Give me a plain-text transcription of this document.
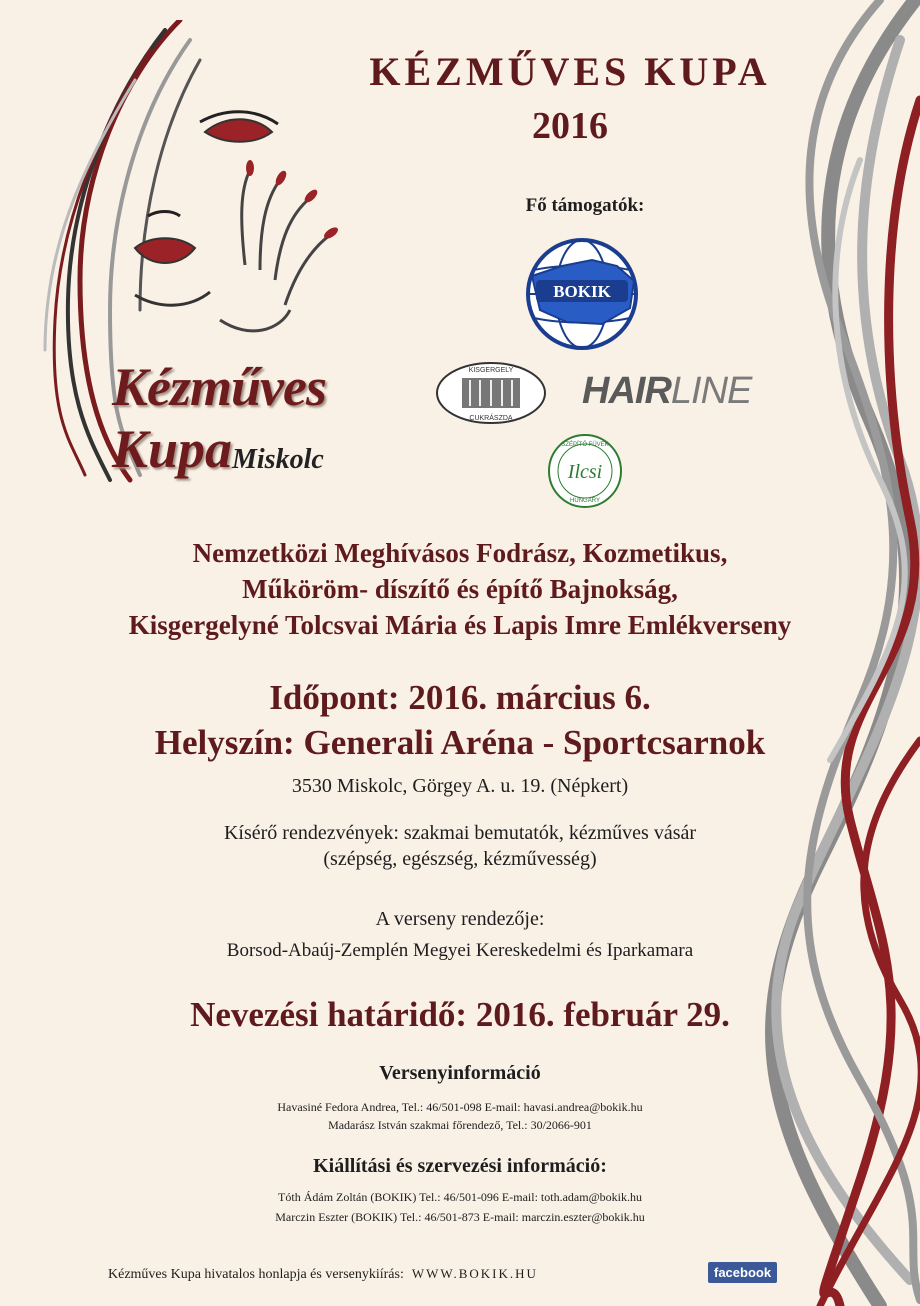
Kézműves
Kupa Miskolc
KÉZMŰVES KUPA
2016
Fő támogatók:
BOKIK
KISGERGELY
CUKRÁSZDA
HAIRLINE
SZÉPÍTŐ FÜVEK
Ilcsi
HUNGARY
Nemzetközi Meghívásos Fodrász, Kozmetikus,
Műköröm- díszítő és építő Bajnokság,
Kisgergelyné Tolcsvai Mária és Lapis Imre Emlékverseny
Időpont: 2016. március 6.
Helyszín: Generali Aréna - Sportcsarnok
3530 Miskolc, Görgey A. u. 19. (Népkert)
Kísérő rendezvények: szakmai bemutatók, kézműves vásár
(szépség, egészség, kézművesség)
A verseny rendezője:
Borsod-Abaúj-Zemplén Megyei Kereskedelmi és Iparkamara
Nevezési határidő: 2016. február 29.
Versenyinformáció
Havasiné Fedora Andrea, Tel.: 46/501-098 E-mail: havasi.andrea@bokik.hu
Madarász István szakmai főrendező, Tel.: 30/2066-901
Kiállítási és szervezési információ:
Tóth Ádám Zoltán (BOKIK) Tel.: 46/501-096 E-mail: toth.adam@bokik.hu
Marczin Eszter (BOKIK) Tel.: 46/501-873 E-mail: marczin.eszter@bokik.hu
Kézműves Kupa hivatalos honlapja és versenykiírás: WWW.BOKIK.HU	facebook
